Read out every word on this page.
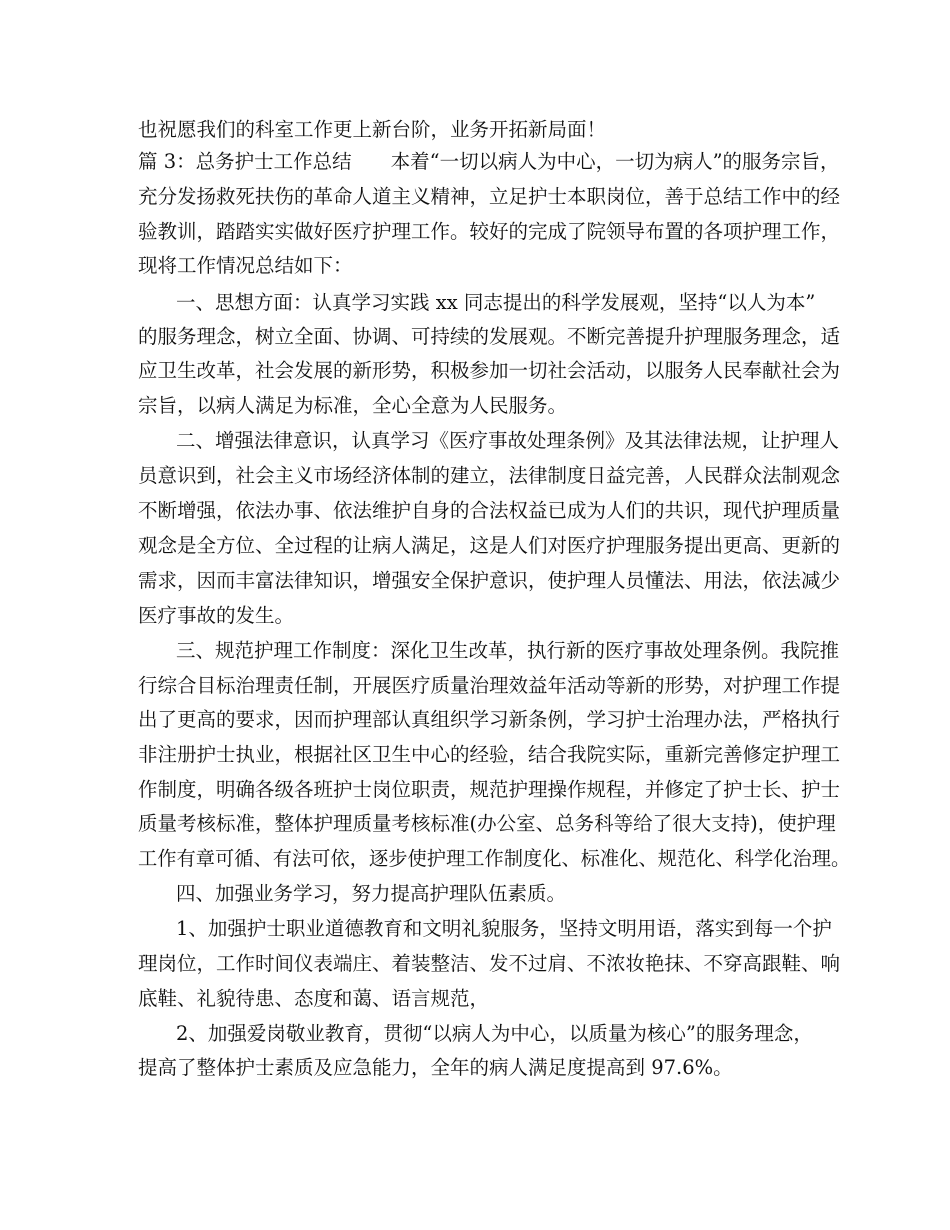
也祝愿我们的科室工作更上新台阶，业务开拓新局面！
篇 3：总务护士工作总结　　本着“一切以病人为中心，一切为病人”的服务宗旨，
充分发扬救死扶伤的革命人道主义精神，立足护士本职岗位，善于总结工作中的经
验教训，踏踏实实做好医疗护理工作。较好的完成了院领导布置的各项护理工作，
现将工作情况总结如下：
一、思想方面：认真学习实践 xx 同志提出的科学发展观，坚持“以人为本”
的服务理念，树立全面、协调、可持续的发展观。不断完善提升护理服务理念，适
应卫生改革，社会发展的新形势，积极参加一切社会活动，以服务人民奉献社会为
宗旨，以病人满足为标准，全心全意为人民服务。
二、增强法律意识，认真学习《医疗事故处理条例》及其法律法规，让护理人
员意识到，社会主义市场经济体制的建立，法律制度日益完善，人民群众法制观念
不断增强，依法办事、依法维护自身的合法权益已成为人们的共识，现代护理质量
观念是全方位、全过程的让病人满足，这是人们对医疗护理服务提出更高、更新的
需求，因而丰富法律知识，增强安全保护意识，使护理人员懂法、用法，依法减少
医疗事故的发生。
三、规范护理工作制度：深化卫生改革，执行新的医疗事故处理条例。我院推
行综合目标治理责任制，开展医疗质量治理效益年活动等新的形势，对护理工作提
出了更高的要求，因而护理部认真组织学习新条例，学习护士治理办法，严格执行
非注册护士执业，根据社区卫生中心的经验，结合我院实际，重新完善修定护理工
作制度，明确各级各班护士岗位职责，规范护理操作规程，并修定了护士长、护士
质量考核标准，整体护理质量考核标准(办公室、总务科等给了很大支持)，使护理
工作有章可循、有法可依，逐步使护理工作制度化、标准化、规范化、科学化治理。
四、加强业务学习，努力提高护理队伍素质。
1、加强护士职业道德教育和文明礼貌服务，坚持文明用语，落实到每一个护
理岗位，工作时间仪表端庄、着装整洁、发不过肩、不浓妆艳抹、不穿高跟鞋、响
底鞋、礼貌待患、态度和蔼、语言规范，
2、加强爱岗敬业教育，贯彻“以病人为中心，以质量为核心”的服务理念，
提高了整体护士素质及应急能力，全年的病人满足度提高到 97.6%。
